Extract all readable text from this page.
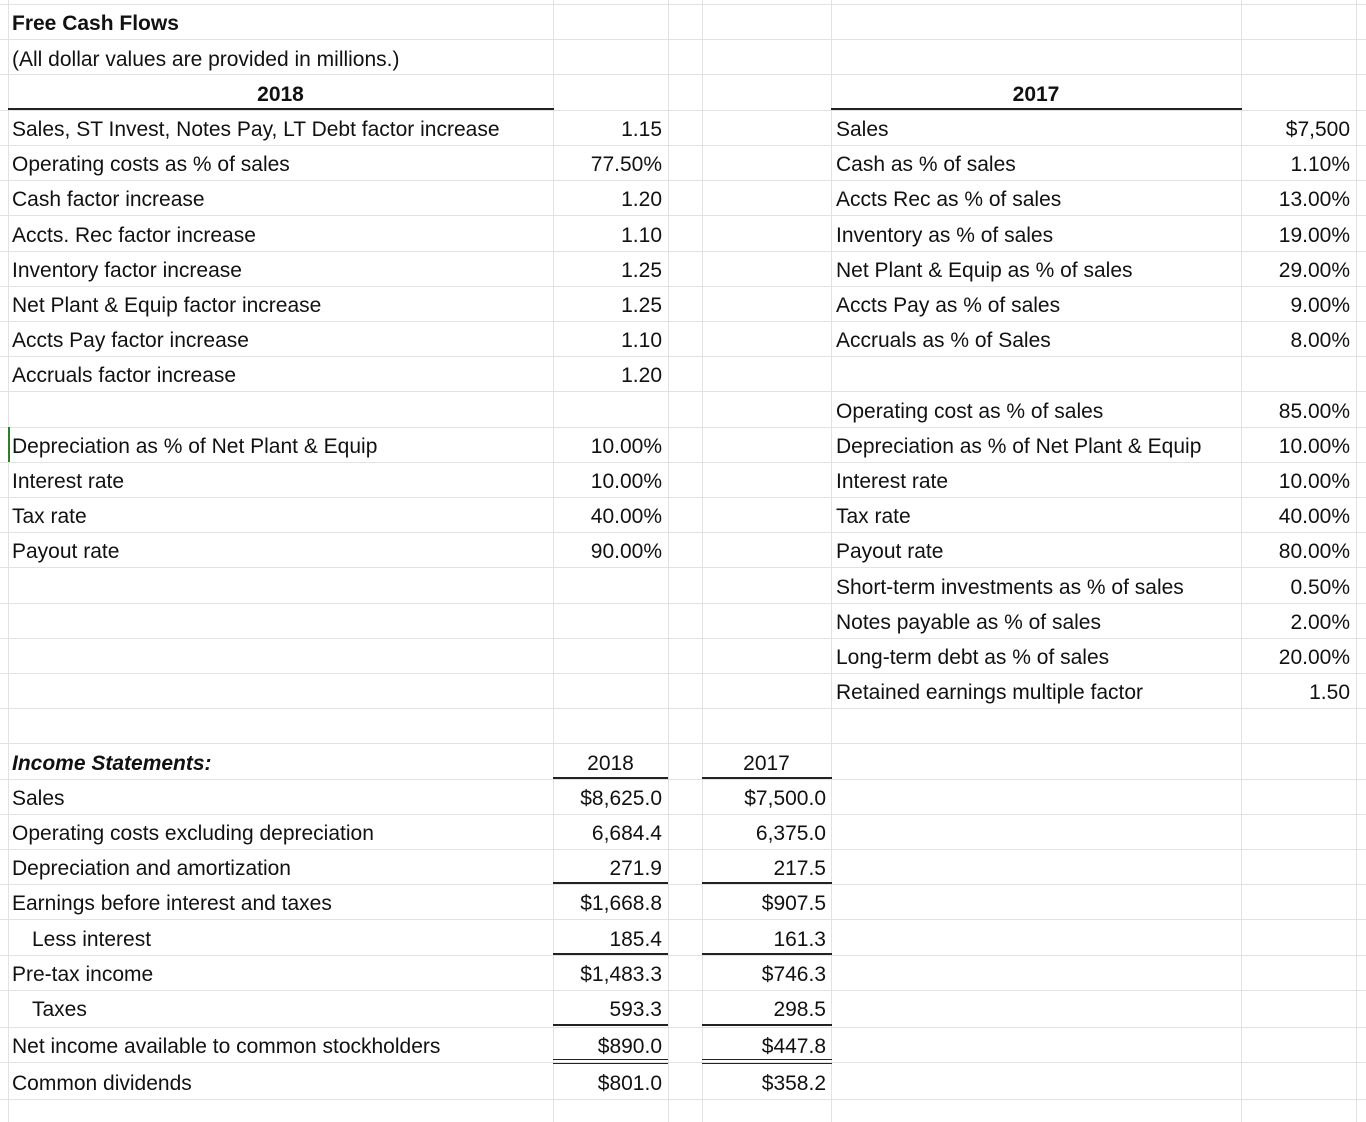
Free Cash Flows
(All dollar values are provided in millions.)
2018	2017
Sales, ST Invest, Notes Pay, LT Debt factor increase	1.15
Operating costs as % of sales	77.50%
Cash factor increase	1.20
Accts. Rec factor increase	1.10
Inventory factor increase	1.25
Net Plant & Equip factor increase	1.25
Accts Pay factor increase	1.10
Accruals factor increase	1.20
Depreciation as % of Net Plant & Equip	10.00%
Interest rate	10.00%
Tax rate	40.00%
Payout rate	90.00%
Sales	$7,500
Cash as % of sales	1.10%
Accts Rec as % of sales	13.00%
Inventory as % of sales	19.00%
Net Plant & Equip as % of sales	29.00%
Accts Pay as % of sales	9.00%
Accruals as % of Sales	8.00%
Operating cost as % of sales	85.00%
Depreciation as % of Net Plant & Equip	10.00%
Interest rate	10.00%
Tax rate	40.00%
Payout rate	80.00%
Short-term investments as % of sales	0.50%
Notes payable as % of sales	2.00%
Long-term debt as % of sales	20.00%
Retained earnings multiple factor	1.50
Income Statements:	2018	2017
Sales	$8,625.0	$7,500.0
Operating costs excluding depreciation	6,684.4	6,375.0
Depreciation and amortization	271.9	217.5
Earnings before interest and taxes	$1,668.8	$907.5
Less interest	185.4	161.3
Pre-tax income	$1,483.3	$746.3
Taxes	593.3	298.5
Net income available to common stockholders	$890.0	$447.8
Common dividends	$801.0	$358.2
